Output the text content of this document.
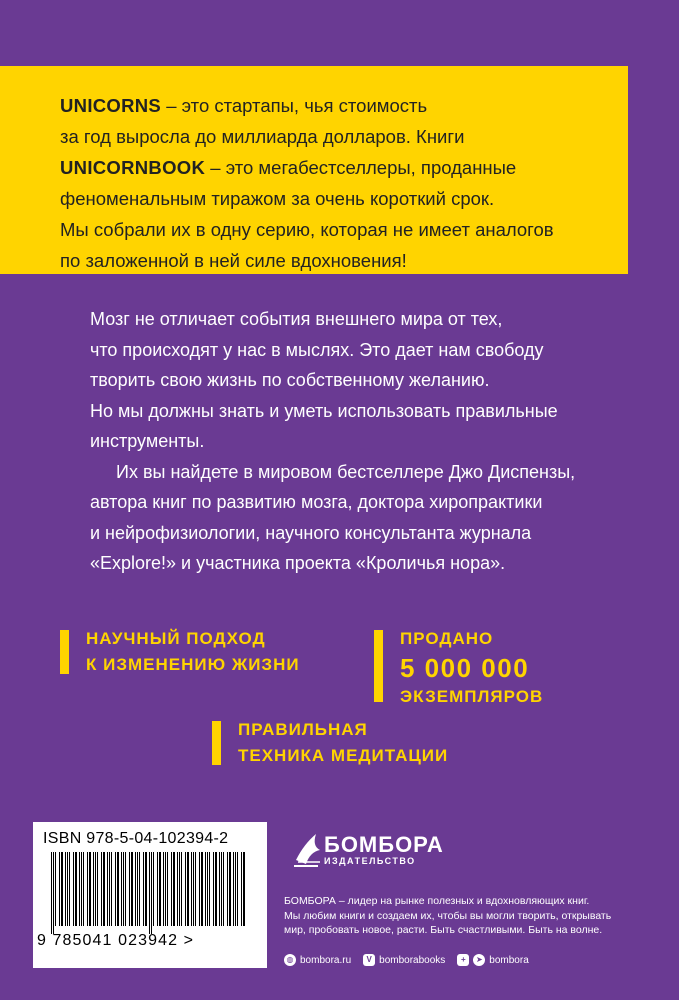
UNICORNS – это стартапы, чья стоимость

за год выросла до миллиарда долларов. Книги

UNICORNBOOK – это мегабестселлеры, проданные

феноменальным тиражом за очень короткий срок.

Мы собрали их в одну серию, которая не имеет аналогов

по заложенной в ней силе вдохновения!

Мозг не отличает события внешнего мира от тех,

что происходят у нас в мыслях. Это дает нам свободу

творить свою жизнь по собственному желанию.

Но мы должны знать и уметь использовать правильные

инструменты.

Их вы найдете в мировом бестселлере Джо Диспензы,

автора книг по развитию мозга, доктора хиропрактики

и нейрофизиологии, научного консультанта журнала

«Explore!» и участника проекта «Кроличья нора».

НАУЧНЫЙ ПОДХОД
К ИЗМЕНЕНИЮ ЖИЗНИ
ПРОДАНО
5 000 000
ЭКЗЕМПЛЯРОВ
ПРАВИЛЬНАЯ
ТЕХНИКА МЕДИТАЦИИ
ISBN 978-5-04-102394-2
9 785041 023942 >
БОМБОРА
ИЗДАТЕЛЬСТВО

БОМБОРА – лидер на рынке полезных и вдохновляющих книг.

Мы любим книги и создаем их, чтобы вы могли творить, открывать

мир, пробовать новое, расти. Быть счастливыми. Быть на волне.

◍ bombora.ru	V bomborabooks	+	➤ bombora
